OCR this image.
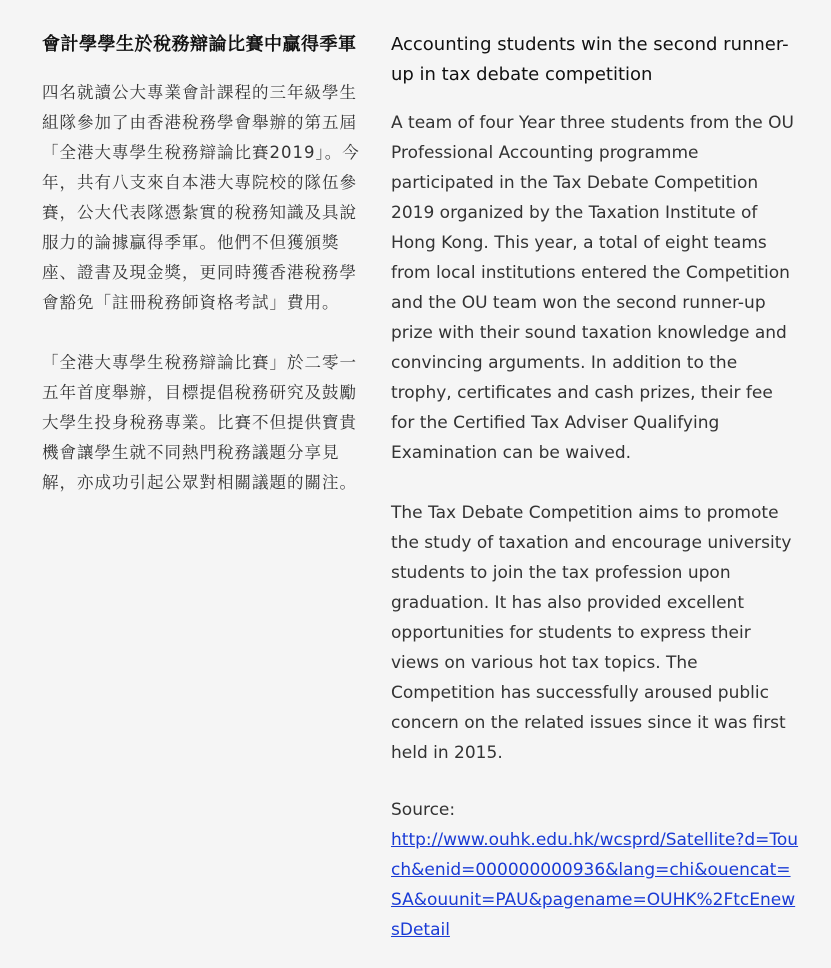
會計學學生於稅務辯論比賽中贏得季軍

四名就讀公大專業會計課程的三年級學生組隊參加了由香港稅務學會舉辦的第五屆「全港大專學生稅務辯論比賽2019」。今年，共有八支來自本港大專院校的隊伍參賽，公大代表隊憑紮實的稅務知識及具說服力的論據贏得季軍。他們不但獲頒獎座、證書及現金獎，更同時獲香港稅務學會豁免「註冊稅務師資格考試」費用。

「全港大專學生稅務辯論比賽」於二零一五年首度舉辦，目標提倡稅務研究及鼓勵大學生投身稅務專業。比賽不但提供寶貴機會讓學生就不同熱門稅務議題分享見解，亦成功引起公眾對相關議題的關注。

Accounting students win the second runner-up in tax debate competition

A team of four Year three students from the OU Professional Accounting programme participated in the Tax Debate Competition 2019 organized by the Taxation Institute of Hong Kong. This year, a total of eight teams from local institutions entered the Competition and the OU team won the second runner-up prize with their sound taxation knowledge and convincing arguments. In addition to the trophy, certificates and cash prizes, their fee for the Certified Tax Adviser Qualifying Examination can be waived.

The Tax Debate Competition aims to promote the study of taxation and encourage university students to join the tax profession upon graduation. It has also provided excellent opportunities for students to express their views on various hot tax topics. The Competition has successfully aroused public concern on the related issues since it was first held in 2015.

Source:
http://www.ouhk.edu.hk/wcsprd/Satellite?d=Touch&enid=000000000936&lang=chi&ouencat=SA&ouunit=PAU&pagename=OUHK%2FtcEnewsDetail
